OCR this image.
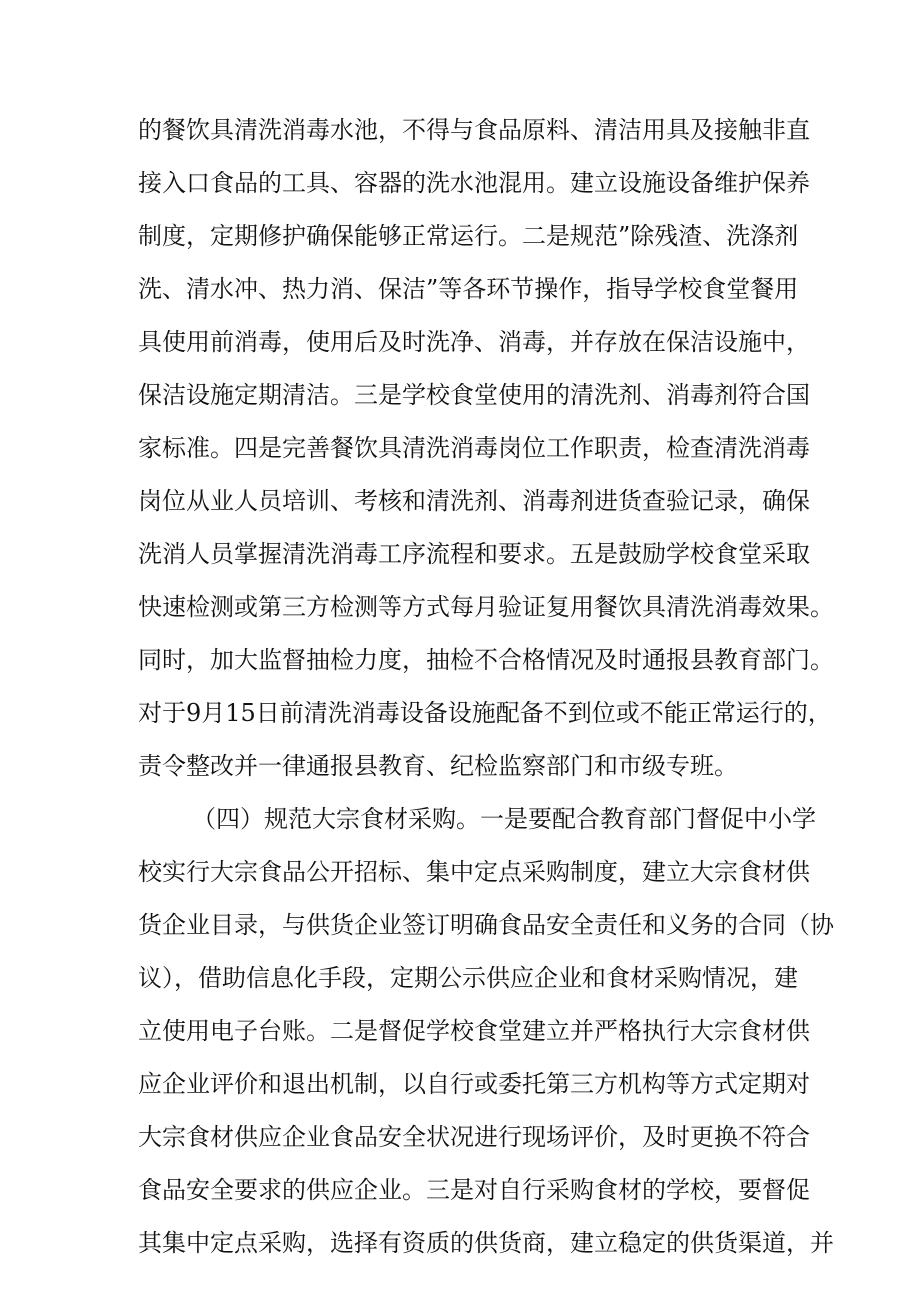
的餐饮具清洗消毒水池，不得与食品原料、清洁用具及接触非直
接入口食品的工具、容器的洗水池混用。建立设施设备维护保养
制度，定期修护确保能够正常运行。二是规范”除残渣、洗涤剂
洗、清水冲、热力消、保洁”等各环节操作，指导学校食堂餐用
具使用前消毒，使用后及时洗净、消毒，并存放在保洁设施中，
保洁设施定期清洁。三是学校食堂使用的清洗剂、消毒剂符合国
家标准。四是完善餐饮具清洗消毒岗位工作职责，检查清洗消毒
岗位从业人员培训、考核和清洗剂、消毒剂进货查验记录，确保
洗消人员掌握清洗消毒工序流程和要求。五是鼓励学校食堂采取
快速检测或第三方检测等方式每月验证复用餐饮具清洗消毒效果。
同时，加大监督抽检力度，抽检不合格情况及时通报县教育部门。
对于9月15日前清洗消毒设备设施配备不到位或不能正常运行的，
责令整改并一律通报县教育、纪检监察部门和市级专班。
（四）规范大宗食材采购。一是要配合教育部门督促中小学
校实行大宗食品公开招标、集中定点采购制度，建立大宗食材供
货企业目录，与供货企业签订明确食品安全责任和义务的合同（协
议），借助信息化手段，定期公示供应企业和食材采购情况，建
立使用电子台账。二是督促学校食堂建立并严格执行大宗食材供
应企业评价和退出机制，以自行或委托第三方机构等方式定期对
大宗食材供应企业食品安全状况进行现场评价，及时更换不符合
食品安全要求的供应企业。三是对自行采购食材的学校，要督促
其集中定点采购，选择有资质的供货商，建立稳定的供货渠道，并
